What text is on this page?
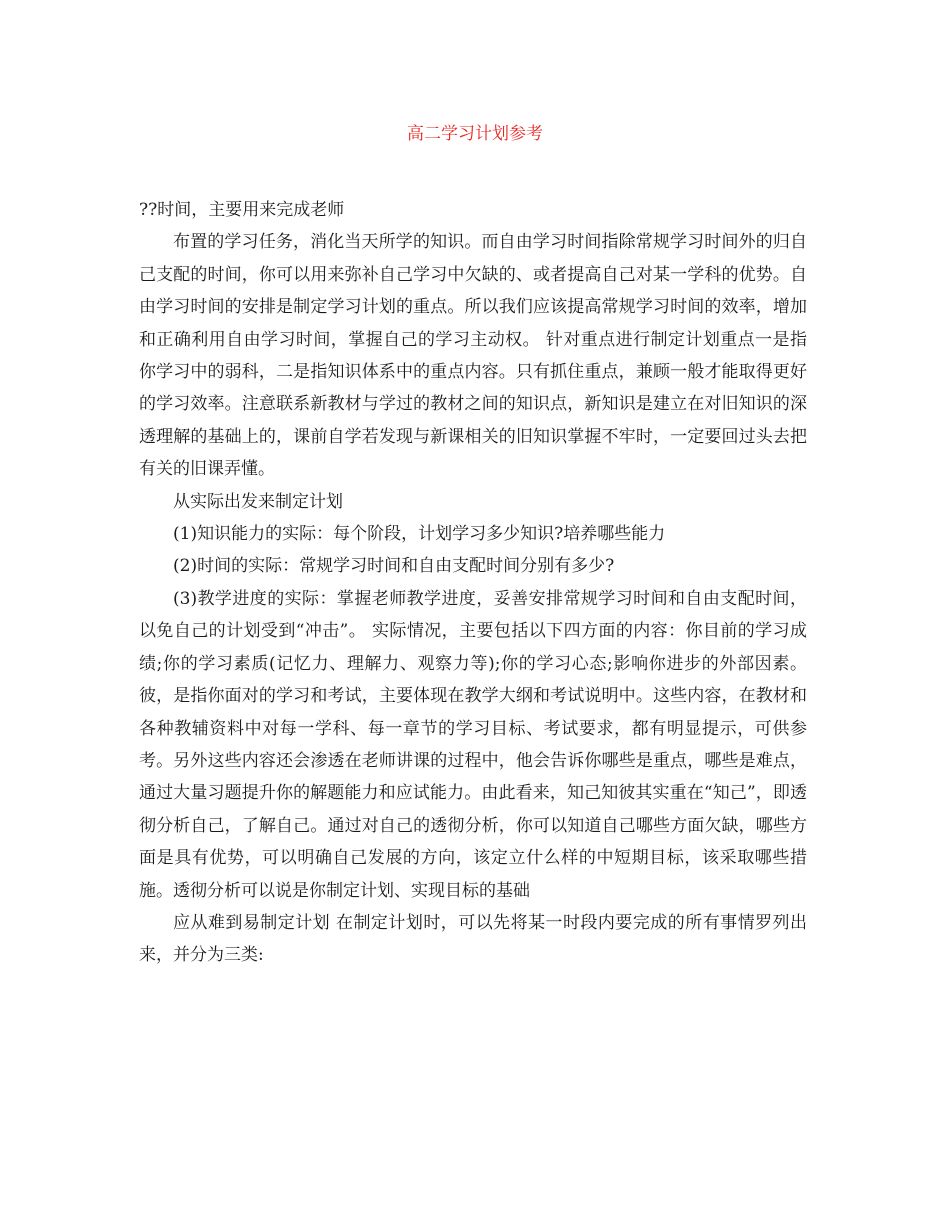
高二学习计划参考

??时间，主要用来完成老师

布置的学习任务，消化当天所学的知识。而自由学习时间指除常规学习时间外的归自己支配的时间，你可以用来弥补自己学习中欠缺的、或者提高自己对某一学科的优势。自由学习时间的安排是制定学习计划的重点。所以我们应该提高常规学习时间的效率，增加和正确利用自由学习时间，掌握自己的学习主动权。 针对重点进行制定计划重点一是指你学习中的弱科，二是指知识体系中的重点内容。只有抓住重点，兼顾一般才能取得更好的学习效率。注意联系新教材与学过的教材之间的知识点，新知识是建立在对旧知识的深透理解的基础上的，课前自学若发现与新课相关的旧知识掌握不牢时，一定要回过头去把有关的旧课弄懂。

从实际出发来制定计划

(1)知识能力的实际：每个阶段，计划学习多少知识?培养哪些能力

(2)时间的实际：常规学习时间和自由支配时间分别有多少?

(3)教学进度的实际：掌握老师教学进度，妥善安排常规学习时间和自由支配时间，以免自己的计划受到“冲击”。 实际情况，主要包括以下四方面的内容：你目前的学习成绩;你的学习素质(记忆力、理解力、观察力等);你的学习心态;影响你进步的外部因素。彼，是指你面对的学习和考试，主要体现在教学大纲和考试说明中。这些内容，在教材和各种教辅资料中对每一学科、每一章节的学习目标、考试要求，都有明显提示，可供参考。另外这些内容还会渗透在老师讲课的过程中，他会告诉你哪些是重点，哪些是难点，通过大量习题提升你的解题能力和应试能力。由此看来，知己知彼其实重在“知己”，即透彻分析自己，了解自己。通过对自己的透彻分析，你可以知道自己哪些方面欠缺，哪些方面是具有优势，可以明确自己发展的方向，该定立什么样的中短期目标，该采取哪些措施。透彻分析可以说是你制定计划、实现目标的基础

应从难到易制定计划 在制定计划时，可以先将某一时段内要完成的所有事情罗列出来，并分为三类:
